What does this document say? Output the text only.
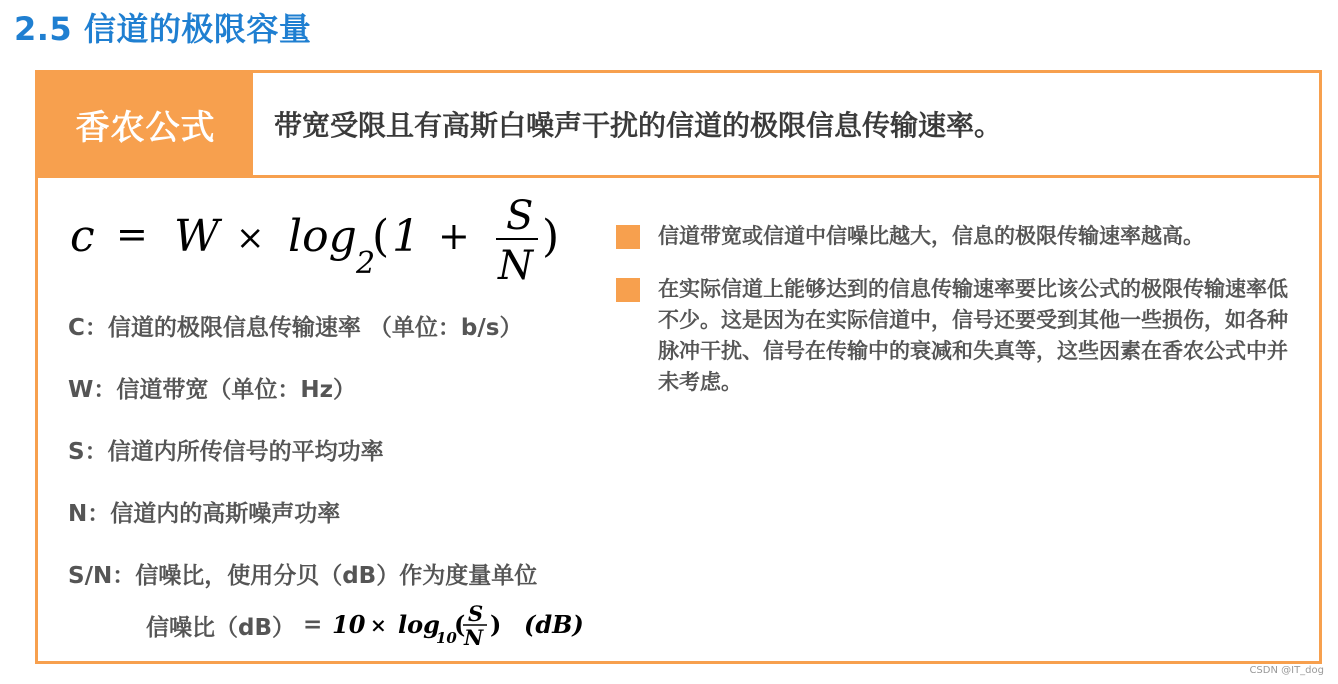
2.5 信道的极限容量
香农公式	带宽受限且有高斯白噪声干扰的信道的极限信息传输速率。
c = W × log
2
( 1 + S
N
)
C：信道的极限信息传输速率 （单位：b/s）
W：信道带宽（单位：Hz）
S：信道内所传信号的平均功率
N：信道内的高斯噪声功率
S/N：信噪比，使用分贝（dB）作为度量单位
信噪比（dB） = 10 × log
10
( S
N ) (dB)
信道带宽或信道中信噪比越大，信息的极限传输速率越高。
在实际信道上能够达到的信息传输速率要比该公式的极限传输速率低不少。这是因为在实际信道中，信号还要受到其他一些损伤，如各种脉冲干扰、信号在传输中的衰减和失真等，这些因素在香农公式中并未考虑。
CSDN @IT_dog
